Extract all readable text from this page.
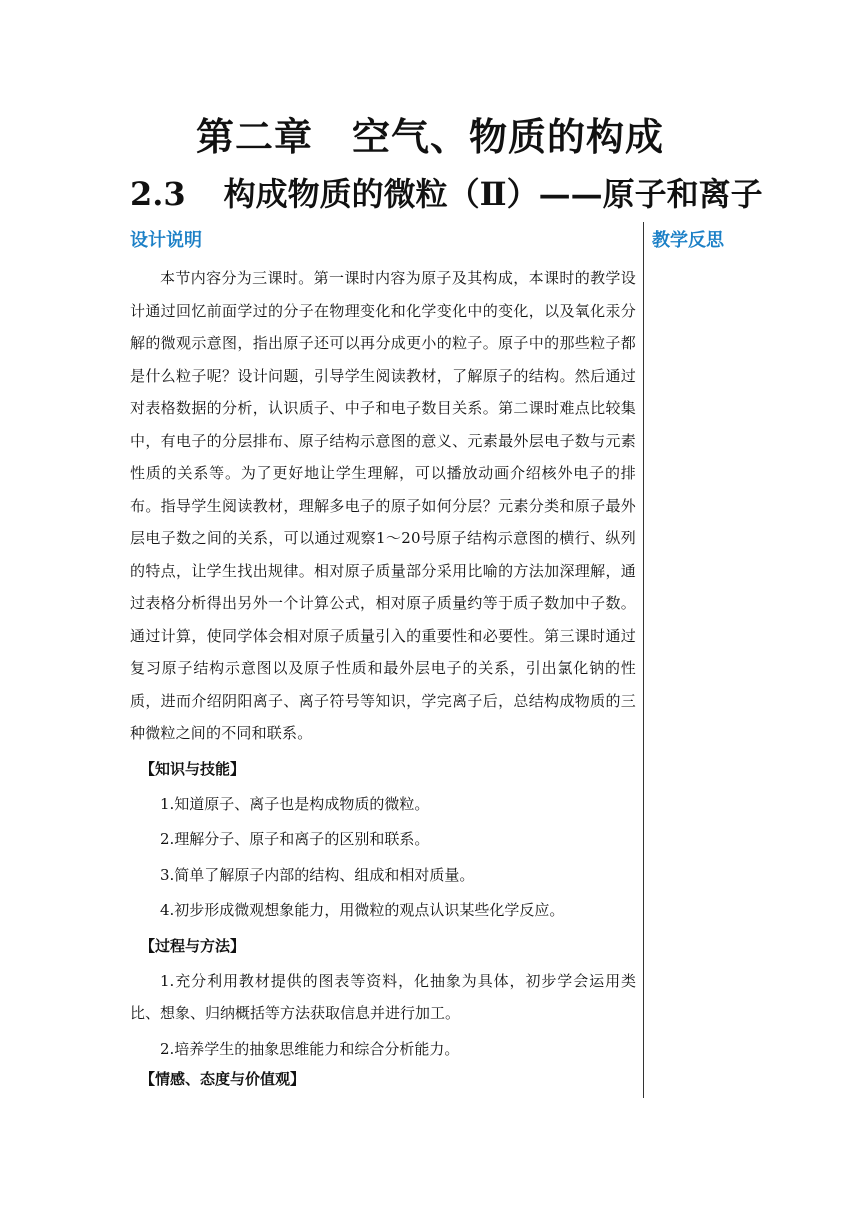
第二章　空气、物质的构成
2.3 构成物质的微粒（Ⅱ）——原子和离子
设计说明

本节内容分为三课时。第一课时内容为原子及其构成，本课时的教学设计通过回忆前面学过的分子在物理变化和化学变化中的变化，以及氧化汞分解的微观示意图，指出原子还可以再分成更小的粒子。原子中的那些粒子都是什么粒子呢？设计问题，引导学生阅读教材，了解原子的结构。然后通过对表格数据的分析，认识质子、中子和电子数目关系。第二课时难点比较集中，有电子的分层排布、原子结构示意图的意义、元素最外层电子数与元素性质的关系等。为了更好地让学生理解，可以播放动画介绍核外电子的排布。指导学生阅读教材，理解多电子的原子如何分层？元素分类和原子最外层电子数之间的关系，可以通过观察1～20号原子结构示意图的横行、纵列的特点，让学生找出规律。相对原子质量部分采用比喻的方法加深理解，通过表格分析得出另外一个计算公式，相对原子质量约等于质子数加中子数。通过计算，使同学体会相对原子质量引入的重要性和必要性。第三课时通过复习原子结构示意图以及原子性质和最外层电子的关系，引出氯化钠的性质，进而介绍阴阳离子、离子符号等知识，学完离子后，总结构成物质的三种微粒之间的不同和联系。

【知识与技能】
1.知道原子、离子也是构成物质的微粒。
2.理解分子、原子和离子的区别和联系。
3.简单了解原子内部的结构、组成和相对质量。
4.初步形成微观想象能力，用微粒的观点认识某些化学反应。
【过程与方法】
1.充分利用教材提供的图表等资料，化抽象为具体，初步学会运用类比、想象、归纳概括等方法获取信息并进行加工。
2.培养学生的抽象思维能力和综合分析能力。
【情感、态度与价值观】
教学反思
